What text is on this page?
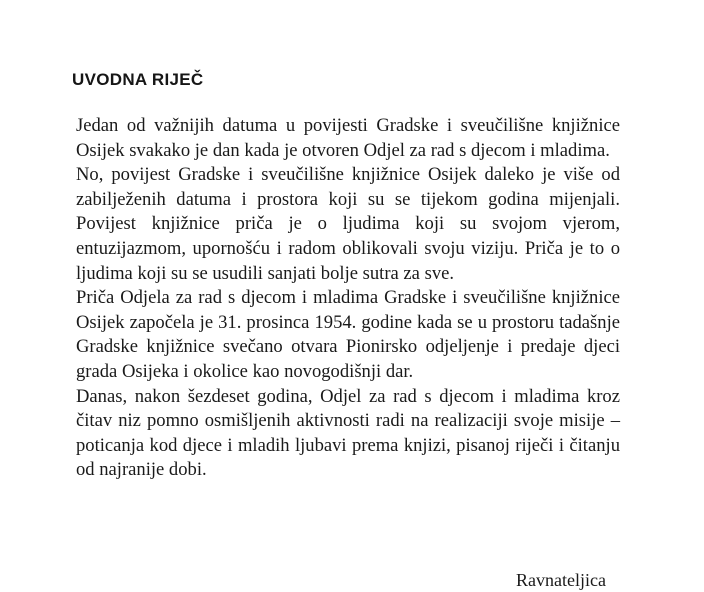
UVODNA RIJEČ

Jedan od važnijih datuma u povijesti Gradske i sveučilišne knjižnice Osijek svakako je dan kada je otvoren Odjel za rad s djecom i mladima.

No, povijest Gradske i sveučilišne knjižnice Osijek daleko je više od zabilježenih datuma i prostora koji su se tijekom godina mijenjali. Povijest knjižnice priča je o ljudima koji su svojom vjerom, entuzijazmom, upornošću i radom oblikovali svoju viziju. Priča je to o ljudima koji su se usudili sanjati bolje sutra za sve.

Priča Odjela za rad s djecom i mladima Gradske i sveučilišne knjižnice Osijek započela je 31. prosinca 1954. godine kada se u prostoru tadašnje Gradske knjižnice svečano otvara Pionirsko odjeljenje i predaje djeci grada Osijeka i okolice kao novogodišnji dar.

Danas, nakon šezdeset godina, Odjel za rad s djecom i mladima kroz čitav niz pomno osmišljenih aktivnosti radi na realizaciji svoje misije – poticanja kod djece i mladih ljubavi prema knjizi, pisanoj riječi i čitanju od najranije dobi.

Ravnateljica
